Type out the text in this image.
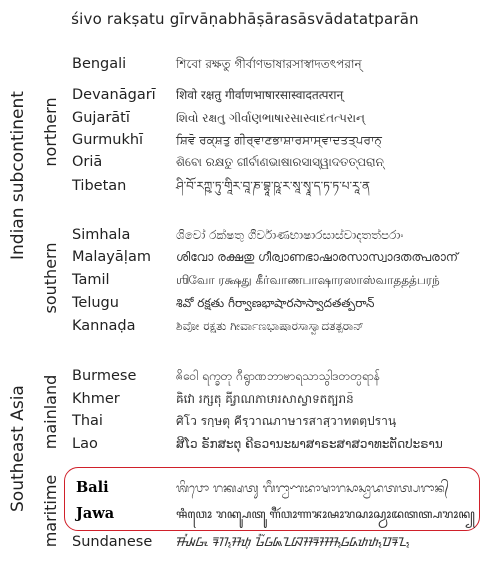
śivo rakṣatu gīrvāṇabhāṣārasāsvādatatparān
Indian subcontinent northern
southern
Southeast Asia mainland
maritime
Bengali	শিবো রক্ষতু গীর্বাণভাষারসাস্বাদতৎপরান্
Devanāgarī शिवो रक्षतु गीर्वाणभाषारसास्वादतत्परान्
Gujarātī	શિવો રક્ષતુ ગીર્વાણભાષારસાસ્વાદતત્પરાન્
Gurmukhī	ਸ਼ਿਵੋ ਰਕ੍ਸ਼ਤੁ ਗੀਰ੍ਵਾਣਭਾਸ਼ਾਰਸਾਸ੍ਵਾਦਤਤ੍ਪਰਾਨ੍
Oriā	ଶିବୋ ରକ୍ଷତୁ ଗୀର୍ବାଣଭାଷାରସାସ୍ୱାଦତତ୍ପରାନ୍
Tibetan	ཤི་བོ་རཀྵ་ཏུ་གཱིར་བཱ་ཎ་བྷཱ་ཥཱ་ར་སཱ་སྭཱ་ད་ཏ་ཏ་པ་རཱ་ན
Simhala	ශිවෝ රක්ෂතු ගීර්වාණභාෂාරසාස්වාදතත්පරාං
Malayāḷam ശിവോ രക്ഷതു ഗീര്വാണഭാഷാരസാസ്വാദതത്പരാന്
Tamil	ஶிவோ ரக்ஷது கீர்வாணபாஷாரஸாஸ்வாததத்பரந்
Telugu	శివో రక్షతు గీర్వాణభాషారసాస్వాదతత్పరాన్
Kannaḍa	ಶಿವೋ ರಕ್ಷತು ಗೀರ್ವಾಣಭಾಷಾರಸಾಸ್ವಾದತತ್ಪರಾನ್
Burmese	ၐိဝေါ ရက္ခတု ဂီရွာဏဘာၑာရသာသွါဒတတ္ပရာန်
Khmer	ឝិវោ រក្សតុ គីរ្វាណភាឞារសាស្វាទតត្បរាន៑
Thai	ศิโว รกฺษตุ คีรฺวาณภาษารสาสฺวาทตตฺปรานฺ
Lao	ສິໂວ ຣັກສະຕຸ ຄີຣວານະພາສາຣະສາສວາທະຕັດປະຣານ
Bali	ᬰᬶᬯᭀ ᬭᬓ᭄ᬱᬢᬸ ᬕᬷᬭ᭄ᬯᬵᬡᬪᬵᬱᬵᬭᬲᬵᬲ᭄ᬯᬵᬤᬢᬢ᭄ᬧᬭᬵᬦ᭄
Jawa	ꦯꦶꦮꦺꦴ ꦫꦏ꧀ꦰꦠꦸ ꦒꦷꦂꦮꦴꦟꦨꦴꦰꦴꦫꦱꦴꦱ꧀ꦮꦴꦢꦠꦠ꧀ꦥꦫꦴꦤ꧀
Sundanese ᮯᮤᮝᮧ ᮛᮊ᮪ᮞᮒᮥ ᮌᮤᮁᮝᮏᮔᮘᮞᮛᮞᮞ᮪ᮝᮓᮒᮒ᮪ᮕᮛᮔ᮪
